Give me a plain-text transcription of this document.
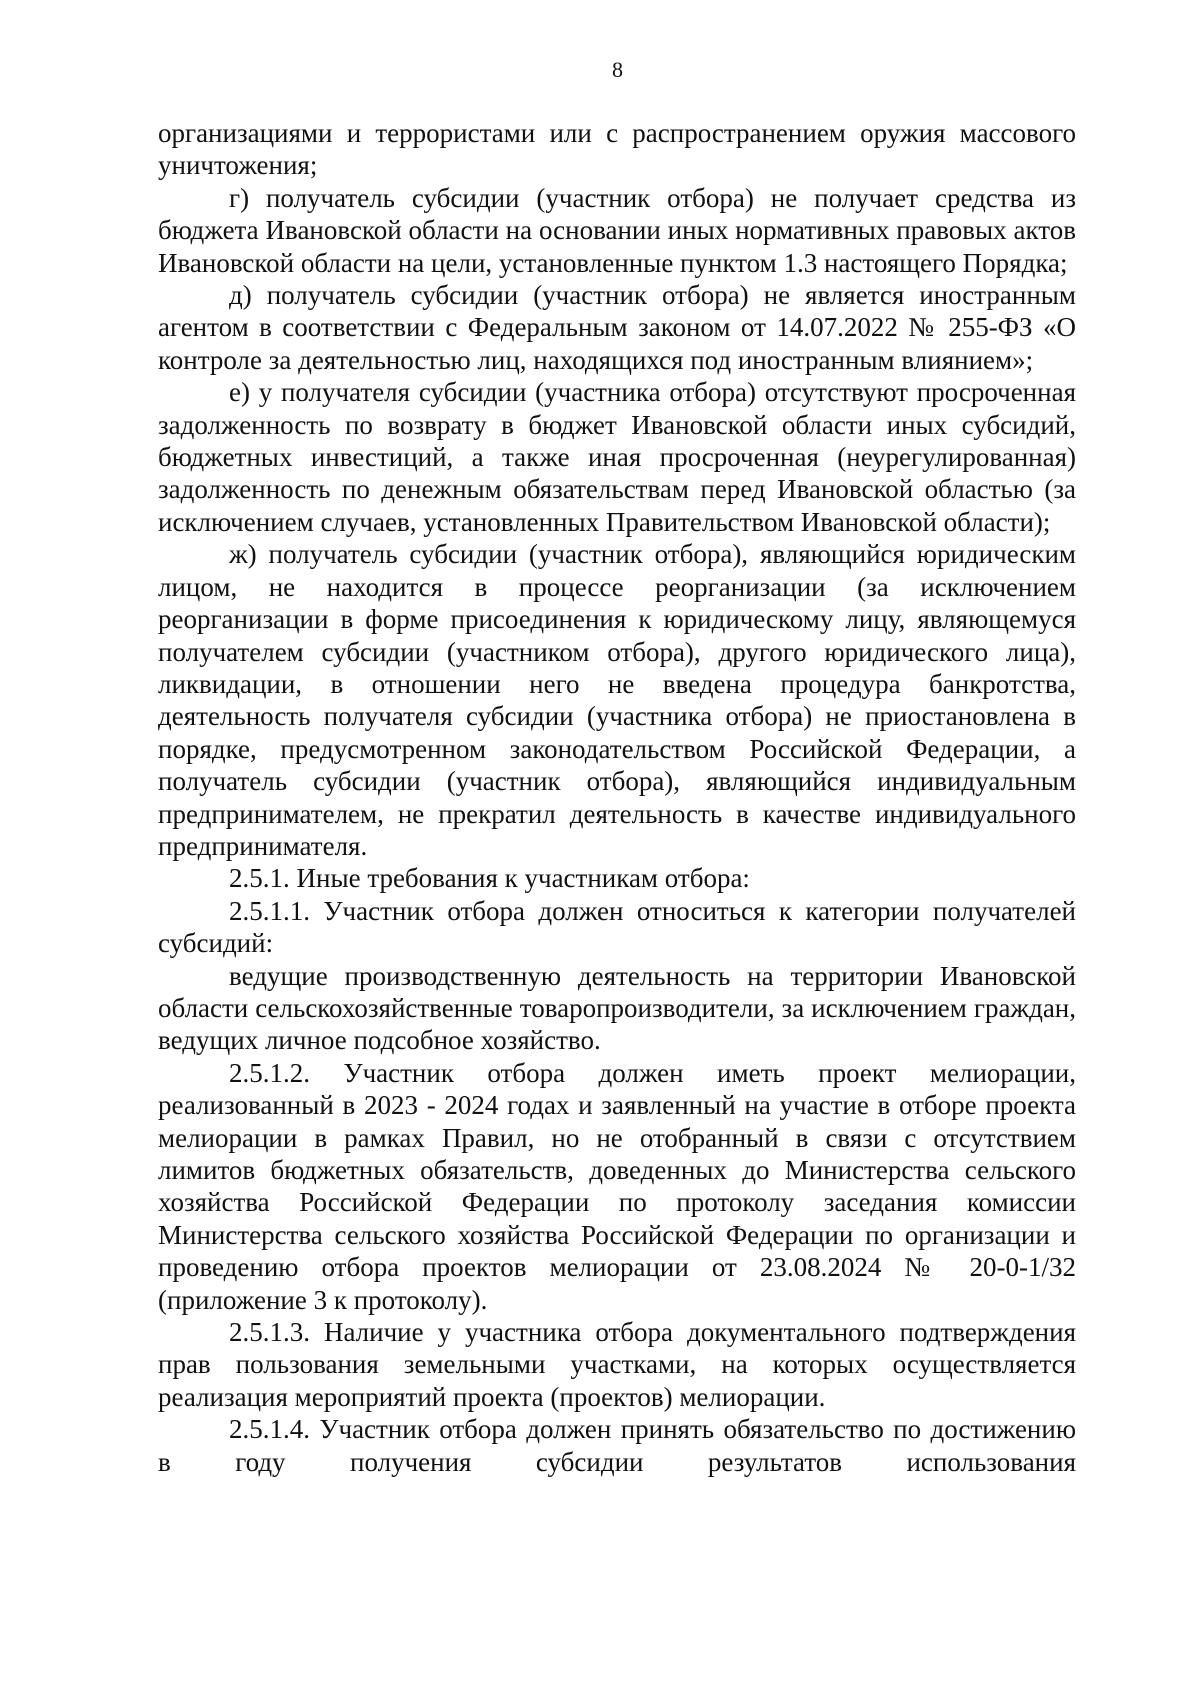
8

организациями и террористами или с распространением оружия массового уничтожения;

г) получатель субсидии (участник отбора) не получает средства из бюджета Ивановской области на основании иных нормативных правовых актов Ивановской области на цели, установленные пунктом 1.3 настоящего Порядка;

д) получатель субсидии (участник отбора) не является иностранным агентом в соответствии с Федеральным законом от 14.07.2022 № 255-ФЗ «О контроле за деятельностью лиц, находящихся под иностранным влиянием»;

е) у получателя субсидии (участника отбора) отсутствуют просроченная задолженность по возврату в бюджет Ивановской области иных субсидий, бюджетных инвестиций, а также иная просроченная (неурегулированная) задолженность по денежным обязательствам перед Ивановской областью (за исключением случаев, установленных Правительством Ивановской области);

ж) получатель субсидии (участник отбора), являющийся юридическим лицом, не находится в процессе реорганизации (за исключением реорганизации в форме присоединения к юридическому лицу, являющемуся получателем субсидии (участником отбора), другого юридического лица), ликвидации, в отношении него не введена процедура банкротства, деятельность получателя субсидии (участника отбора) не приостановлена в порядке, предусмотренном законодательством Российской Федерации, а получатель субсидии (участник отбора), являющийся индивидуальным предпринимателем, не прекратил деятельность в качестве индивидуального предпринимателя.

2.5.1. Иные требования к участникам отбора:

2.5.1.1. Участник отбора должен относиться к категории получателей субсидий:

ведущие производственную деятельность на территории Ивановской области сельскохозяйственные товаропроизводители, за исключением граждан, ведущих личное подсобное хозяйство.

2.5.1.2. Участник отбора должен иметь проект мелиорации, реализованный в 2023 - 2024 годах и заявленный на участие в отборе проекта мелиорации в рамках Правил, но не отобранный в связи с отсутствием лимитов бюджетных обязательств, доведенных до Министерства сельского хозяйства Российской Федерации по протоколу заседания комиссии Министерства сельского хозяйства Российской Федерации по организации и проведению отбора проектов мелиорации от 23.08.2024 № 20-0-1/32 (приложение 3 к протоколу).

2.5.1.3. Наличие у участника отбора документального подтверждения прав пользования земельными участками, на которых осуществляется реализация мероприятий проекта (проектов) мелиорации.

2.5.1.4. Участник отбора должен принять обязательство по достижению в году получения субсидии результатов использования
